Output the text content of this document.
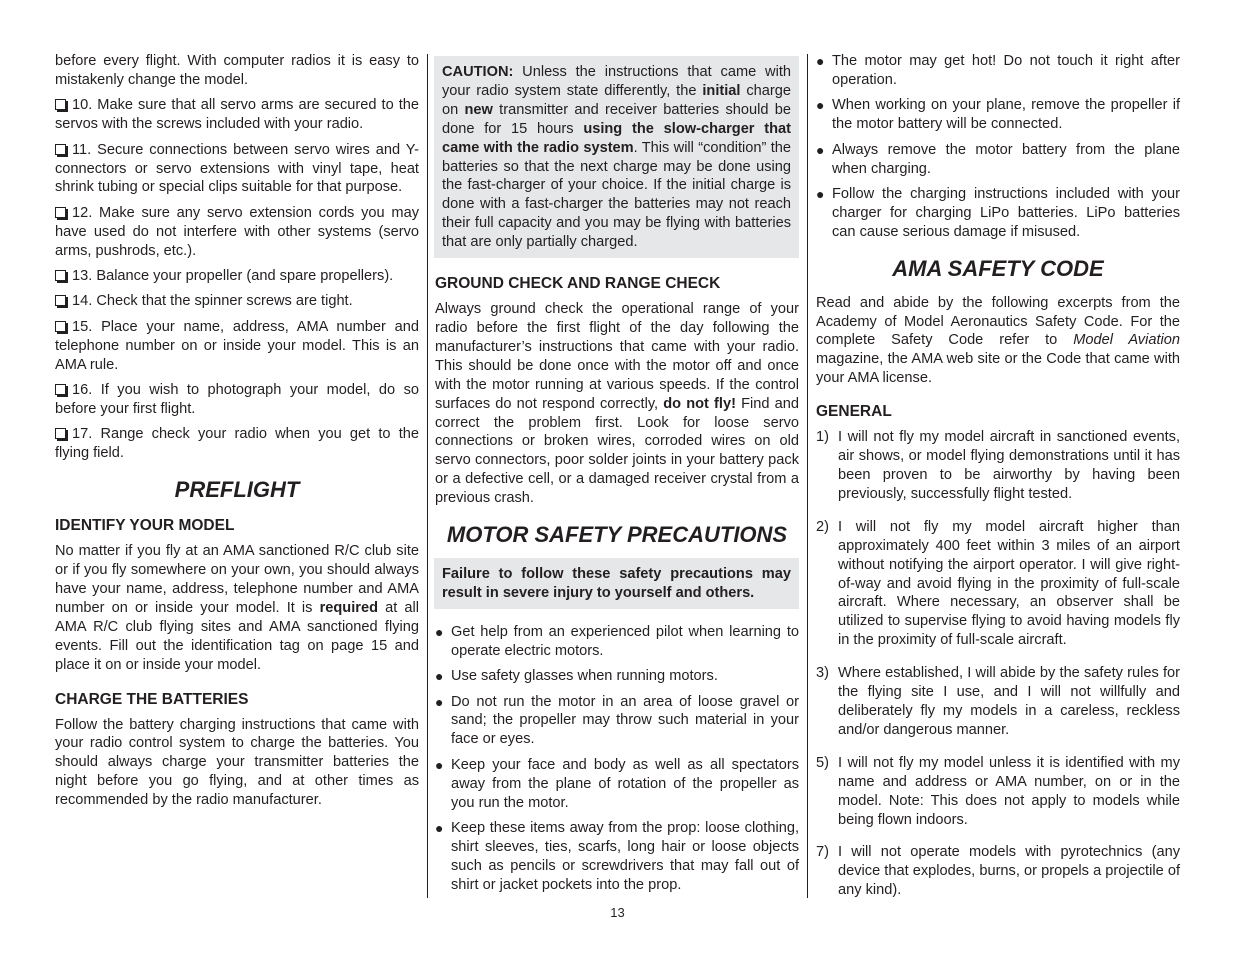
before every flight. With computer radios it is easy to mistakenly change the model.

10. Make sure that all servo arms are secured to the servos with the screws included with your radio.

11. Secure connections between servo wires and Y-connectors or servo extensions with vinyl tape, heat shrink tubing or special clips suitable for that purpose.

12. Make sure any servo extension cords you may have used do not interfere with other systems (servo arms, pushrods, etc.).

13. Balance your propeller (and spare propellers).

14. Check that the spinner screws are tight.

15. Place your name, address, AMA number and telephone number on or inside your model. This is an AMA rule.

16. If you wish to photograph your model, do so before your first flight.

17. Range check your radio when you get to the flying field.

PREFLIGHT
IDENTIFY YOUR MODEL

No matter if you fly at an AMA sanctioned R/C club site or if you fly somewhere on your own, you should always have your name, address, telephone number and AMA number on or inside your model. It is required at all AMA R/C club flying sites and AMA sanctioned flying events. Fill out the identification tag on page 15 and place it on or inside your model.

CHARGE THE BATTERIES

Follow the battery charging instructions that came with your radio control system to charge the batteries. You should always charge your transmitter batteries the night before you go flying, and at other times as recommended by the radio manufacturer.

CAUTION: Unless the instructions that came with your radio system state differently, the initial charge on new transmitter and receiver batteries should be done for 15 hours using the slow-charger that came with the radio system. This will “condition” the batteries so that the next charge may be done using the fast-charger of your choice. If the initial charge is done with a fast-charger the batteries may not reach their full capacity and you may be flying with batteries that are only partially charged.

GROUND CHECK AND RANGE CHECK

Always ground check the operational range of your radio before the first flight of the day following the manufacturer’s instructions that came with your radio. This should be done once with the motor off and once with the motor running at various speeds. If the control surfaces do not respond correctly, do not fly! Find and correct the problem first. Look for loose servo connections or broken wires, corroded wires on old servo connectors, poor solder joints in your battery pack or a defective cell, or a damaged receiver crystal from a previous crash.

MOTOR SAFETY PRECAUTIONS

Failure to follow these safety precautions may result in severe injury to yourself and others.

● Get help from an experienced pilot when learning to operate electric motors.
● Use safety glasses when running motors.
● Do not run the motor in an area of loose gravel or sand; the propeller may throw such material in your face or eyes.
● Keep your face and body as well as all spectators away from the plane of rotation of the propeller as you run the motor.
● Keep these items away from the prop: loose clothing, shirt sleeves, ties, scarfs, long hair or loose objects such as pencils or screwdrivers that may fall out of shirt or jacket pockets into the prop.
● The motor may get hot! Do not touch it right after operation.
● When working on your plane, remove the propeller if the motor battery will be connected.
● Always remove the motor battery from the plane when charging.
● Follow the charging instructions included with your charger for charging LiPo batteries. LiPo batteries can cause serious damage if misused.
AMA SAFETY CODE

Read and abide by the following excerpts from the Academy of Model Aeronautics Safety Code. For the complete Safety Code refer to Model Aviation magazine, the AMA web site or the Code that came with your AMA license.

GENERAL
1) I will not fly my model aircraft in sanctioned events, air shows, or model flying demonstrations until it has been proven to be airworthy by having been previously, successfully flight tested.
2) I will not fly my model aircraft higher than approximately 400 feet within 3 miles of an airport without notifying the airport operator. I will give right-of-way and avoid flying in the proximity of full-scale aircraft. Where necessary, an observer shall be utilized to supervise flying to avoid having models fly in the proximity of full-scale aircraft.
3) Where established, I will abide by the safety rules for the flying site I use, and I will not willfully and deliberately fly my models in a careless, reckless and/or dangerous manner.
5) I will not fly my model unless it is identified with my name and address or AMA number, on or in the model. Note: This does not apply to models while being flown indoors.
7) I will not operate models with pyrotechnics (any device that explodes, burns, or propels a projectile of any kind).
13
